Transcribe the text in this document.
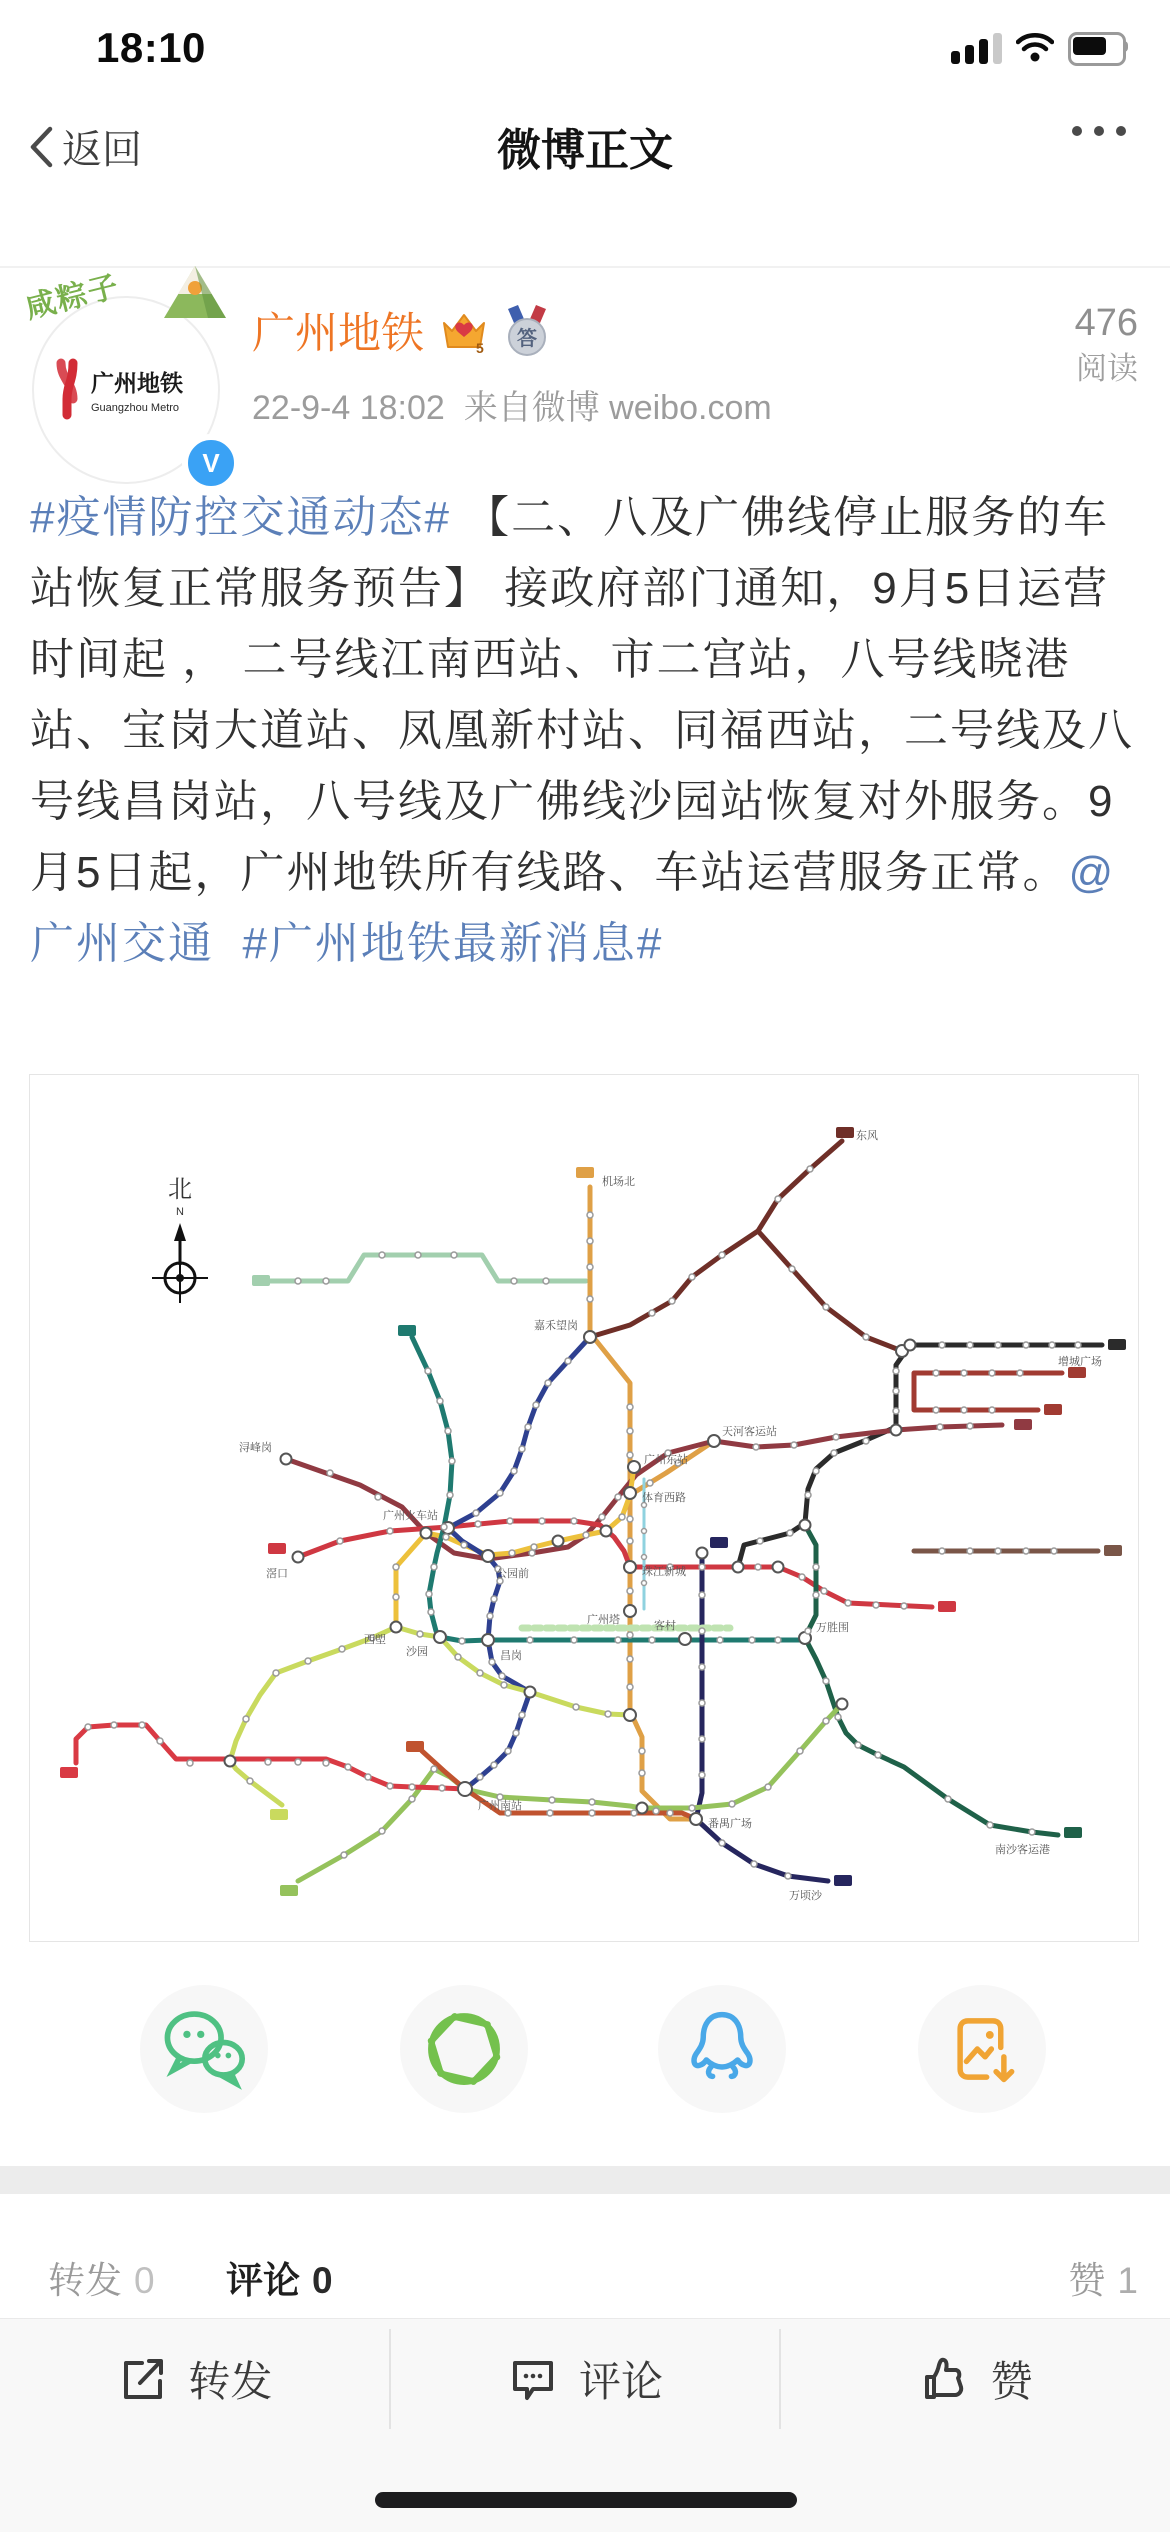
18:10
返回	微博正文
广州地铁
Guangzhou Metro
咸粽子
V
广州地铁	5 答
22-9-4 18:02 来自微博 weibo.com
476
阅读
#疫情防控交通动态# 【二、八及广佛线停止服务的车站恢复正常服务预告】 接政府部门通知，9月5日运营时间起 ， 二号线江南西站、市二宫站，八号线晓港站、宝岗大道站、凤凰新村站、同福西站，二号线及八号线昌岗站，八号线及广佛线沙园站恢复对外服务。9月5日起，广州地铁所有线路、车站运营服务正常。@广州交通 #广州地铁最新消息#
北
N
机场北
嘉禾望岗
天河客运站
广州东站
体育西路
珠江新城
广州塔
广州火车站
公园前
客村
广州南站
万胜围
番禺广场
万顷沙
增城广场
沙园	昌岗
滘口
浔峰岗
东风
南沙客运港
西塱
转发 0 评论 0	赞 1
转发	评论	赞
